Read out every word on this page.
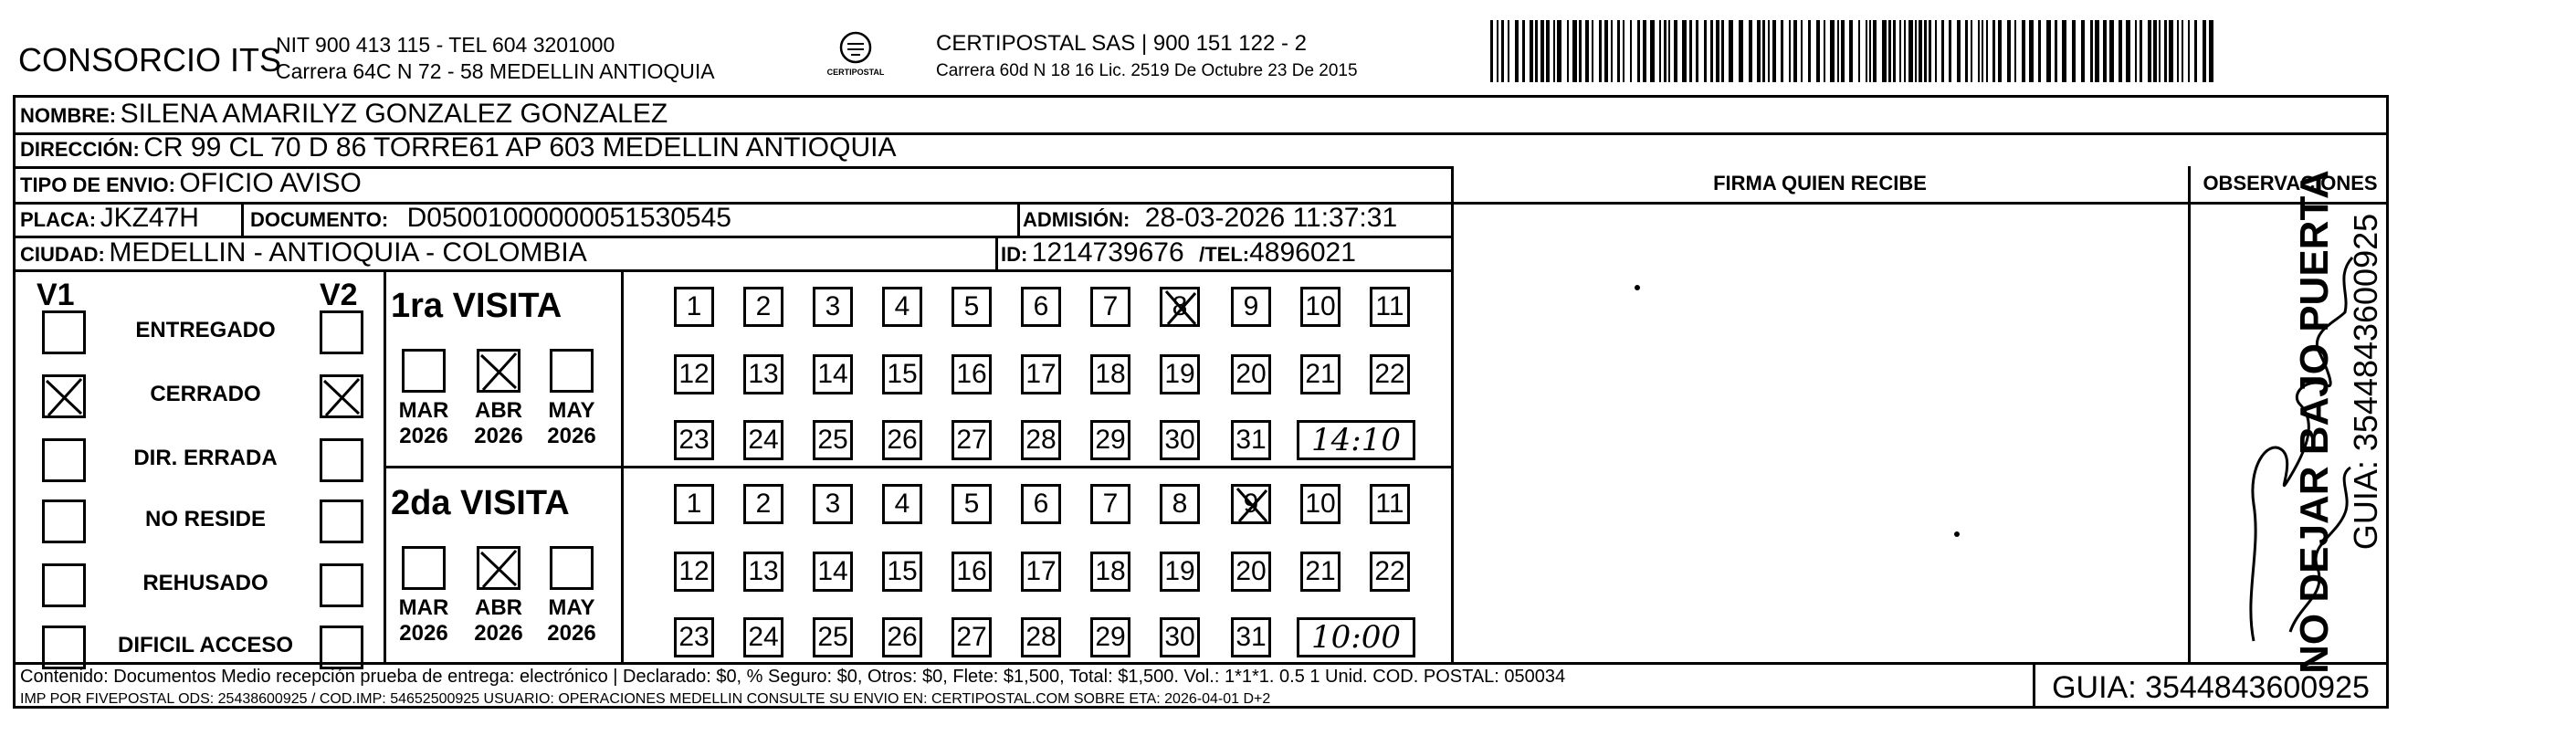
CONSORCIO ITS
NIT 900 413 115 - TEL 604 3201000
Carrera 64C N 72 - 58 MEDELLIN ANTIOQUIA	CERTIPOSTAL
CERTIPOSTAL SAS | 900 151 122 - 2
Carrera 60d N 18 16 Lic. 2519 De Octubre 23 De 2015
NOMBRE: SILENA AMARILYZ GONZALEZ GONZALEZ
DIRECCIÓN: CR 99 CL 70 D 86 TORRE61 AP 603 MEDELLIN ANTIOQUIA
TIPO DE ENVIO: OFICIO AVISO	FIRMA QUIEN RECIBE	OBSERVACIONES
PLACA: JKZ47H	DOCUMENTO: D05001000000051530545	ADMISIÓN: 28-03-2026 11:37:31
CIUDAD: MEDELLIN - ANTIOQUIA - COLOMBIA	ID: 1214739676 /TEL:4896021
V1	V2
ENTREGADO
CERRADO
DIR. ERRADA
NO RESIDE
REHUSADO
DIFICIL ACCESO
1ra VISITA
MAR
2026
ABR
2026
MAY
2026
1 2 3 4 5 6 7 8 9 10 11
12 13 14 15 16 17 18 19 20 21 22
23 24 25 26 27 28 29 30 31 14:10
2da VISITA
MAR
2026
ABR
2026
MAY
2026
1 2 3 4 5 6 7 8 9 10 11
12 13 14 15 16 17 18 19 20 21 22
23 24 25 26 27 28 29 30 31 10:00
Contenido: Documentos Medio recepción prueba de entrega: electrónico | Declarado: $0, % Seguro: $0, Otros: $0, Flete: $1,500, Total: $1,500. Vol.: 1*1*1. 0.5 1 Unid. COD. POSTAL: 050034
IMP POR FIVEPOSTAL ODS: 25438600925 / COD.IMP: 54652500925 USUARIO: OPERACIONES MEDELLIN CONSULTE SU ENVIO EN: CERTIPOSTAL.COM SOBRE ETA: 2026-04-01 D+2	GUIA: 3544843600925
NO DEJAR BAJO PUERTA GUIA: 3544843600925
